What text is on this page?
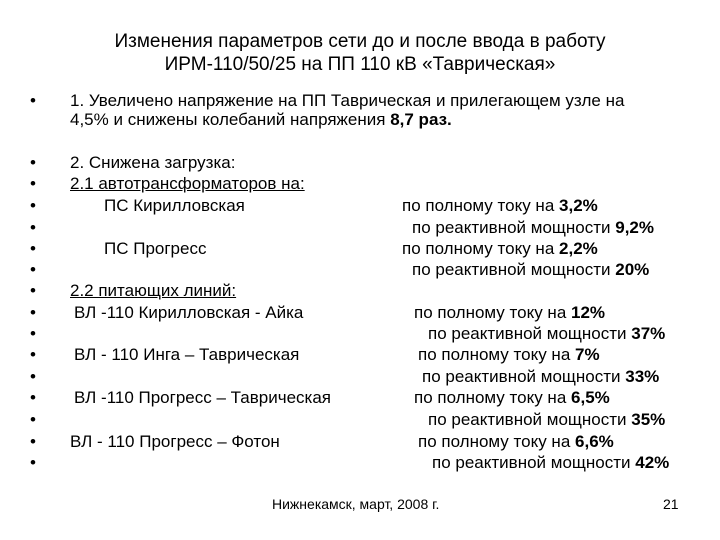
Изменения параметров сети до и после ввода в работу
ИРМ-110/50/25 на ПП 110 кВ «Таврическая»
• 1. Увеличено напряжение на ПП Таврическая и прилегающем узле на
4,5% и снижены колебаний напряжения 8,7 раз.
• 2. Снижена загрузка:
• 2.1 автотрансформаторов на:
•	ПС Кирилловская	по полному току на 3,2%
•	по реактивной мощности 9,2%
•	ПС Прогресс	по полному току на 2,2%
•	по реактивной мощности 20%
• 2.2 питающих линий:
• ВЛ -110 Кирилловская - Айка	по полному току на 12%
•	по реактивной мощности 37%
• ВЛ - 110 Инга – Таврическая	по полному току на 7%
•	по реактивной мощности 33%
• ВЛ -110 Прогресс – Таврическая	по полному току на 6,5%
•	по реактивной мощности 35%
• ВЛ - 110 Прогресс – Фотон	по полному току на 6,6%
•	по реактивной мощности 42%
Нижнекамск, март, 2008 г.	21
